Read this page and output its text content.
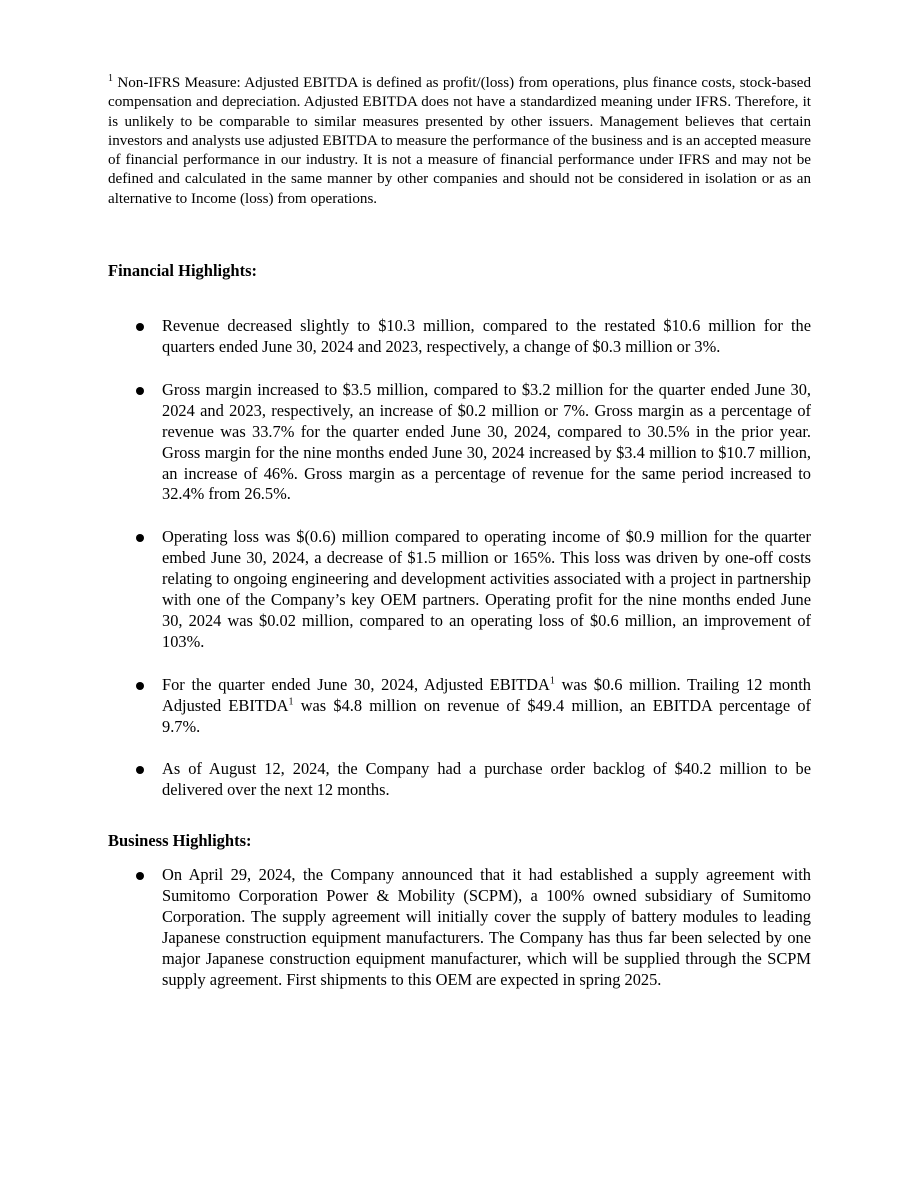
$^1$ Non-IFRS Measure: Adjusted EBITDA is defined as profit/(loss) from operations, plus finance costs, stock-based compensation and depreciation. Adjusted EBITDA does not have a standardized meaning under IFRS. Therefore, it is unlikely to be comparable to similar measures presented by other issuers. Management believes that certain investors and analysts use adjusted EBITDA to measure the performance of the business and is an accepted measure of financial performance in our industry. It is not a measure of financial performance under IFRS and may not be defined and calculated in the same manner by other companies and should not be considered in isolation or as an alternative to Income (loss) from operations.

Financial Highlights:

Revenue decreased slightly to $10.3 million, compared to the restated $10.6 million for the quarters ended June 30, 2024 and 2023, respectively, a change of $0.3 million or 3%.

Gross margin increased to $3.5 million, compared to $3.2 million for the quarter ended June 30, 2024 and 2023, respectively, an increase of $0.2 million or 7%. Gross margin as a percentage of revenue was 33.7% for the quarter ended June 30, 2024, compared to 30.5% in the prior year. Gross margin for the nine months ended June 30, 2024 increased by $3.4 million to $10.7 million, an increase of 46%. Gross margin as a percentage of revenue for the same period increased to 32.4% from 26.5%.

Operating loss was $(0.6) million compared to operating income of $0.9 million for the quarter embed June 30, 2024, a decrease of $1.5 million or 165%. This loss was driven by one-off costs relating to ongoing engineering and development activities associated with a project in partnership with one of the Company’s key OEM partners. Operating profit for the nine months ended June 30, 2024 was $0.02 million, compared to an operating loss of $0.6 million, an improvement of 103%.

For the quarter ended June 30, 2024, Adjusted EBITDA$^1$ was $0.6 million. Trailing 12 month Adjusted EBITDA$^1$ was $4.8 million on revenue of $49.4 million, an EBITDA percentage of 9.7%.

As of August 12, 2024, the Company had a purchase order backlog of $40.2 million to be delivered over the next 12 months.

Business Highlights:

On April 29, 2024, the Company announced that it had established a supply agreement with Sumitomo Corporation Power & Mobility (SCPM), a 100% owned subsidiary of Sumitomo Corporation. The supply agreement will initially cover the supply of battery modules to leading Japanese construction equipment manufacturers. The Company has thus far been selected by one major Japanese construction equipment manufacturer, which will be supplied through the SCPM supply agreement. First shipments to this OEM are expected in spring 2025.
